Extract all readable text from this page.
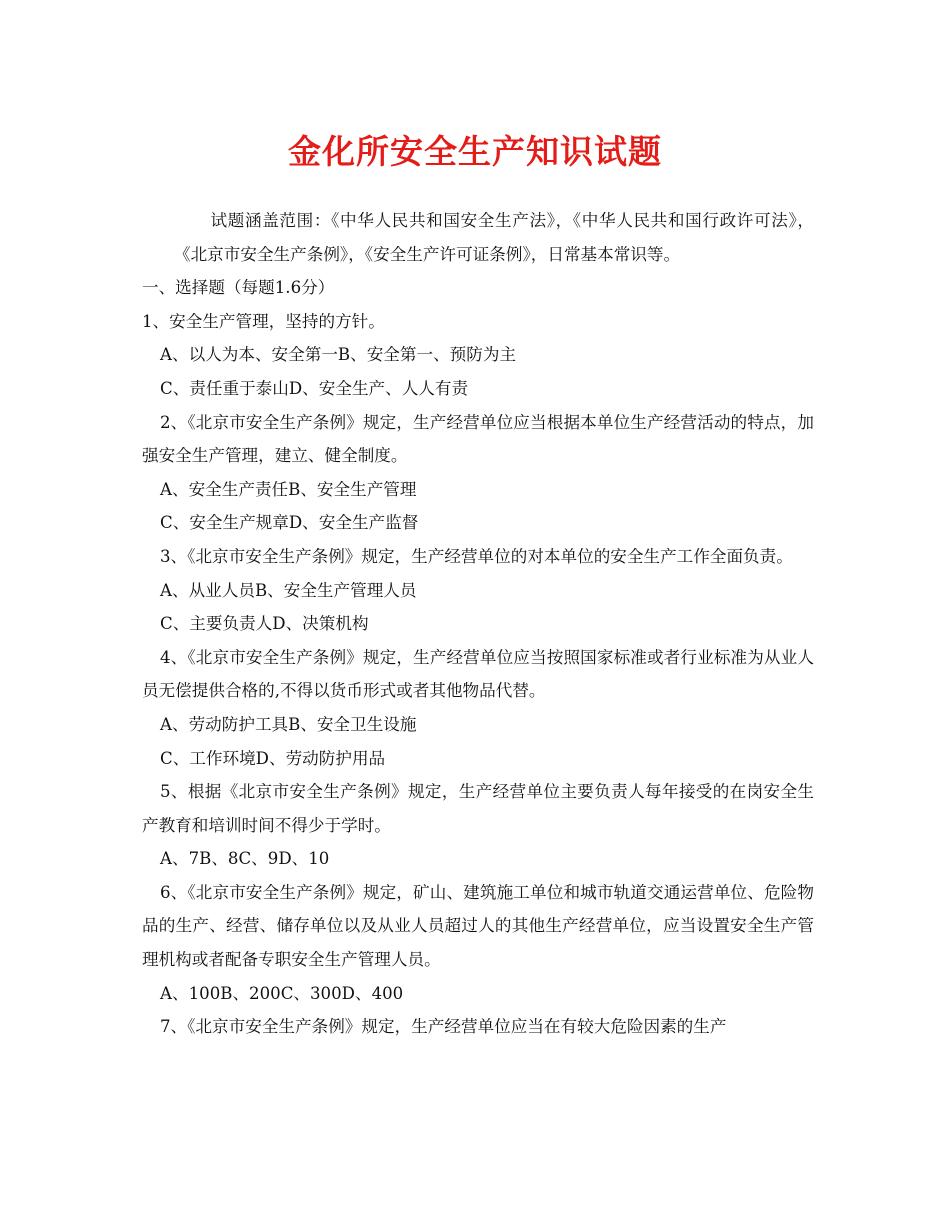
金化所安全生产知识试题

试题涵盖范围：《中华人民共和国安全生产法》，《中华人民共和国行政许可法》，《北京市安全生产条例》，《安全生产许可证条例》，日常基本常识等。

一、选择题（每题1.6分）

1、安全生产管理，坚持的方针。

A、以人为本、安全第一B、安全第一、预防为主

C、责任重于泰山D、安全生产、人人有责

2、《北京市安全生产条例》规定，生产经营单位应当根据本单位生产经营活动的特点，加强安全生产管理，建立、健全制度。

A、安全生产责任B、安全生产管理

C、安全生产规章D、安全生产监督

3、《北京市安全生产条例》规定，生产经营单位的对本单位的安全生产工作全面负责。

A、从业人员B、安全生产管理人员

C、主要负责人D、决策机构

4、《北京市安全生产条例》规定，生产经营单位应当按照国家标准或者行业标准为从业人员无偿提供合格的,不得以货币形式或者其他物品代替。

A、劳动防护工具B、安全卫生设施

C、工作环境D、劳动防护用品

5、根据《北京市安全生产条例》规定，生产经营单位主要负责人每年接受的在岗安全生产教育和培训时间不得少于学时。

A、7B、8C、9D、10

6、《北京市安全生产条例》规定，矿山、建筑施工单位和城市轨道交通运营单位、危险物品的生产、经营、储存单位以及从业人员超过人的其他生产经营单位，应当设置安全生产管理机构或者配备专职安全生产管理人员。

A、100B、200C、300D、400

7、《北京市安全生产条例》规定，生产经营单位应当在有较大危险因素的生产
